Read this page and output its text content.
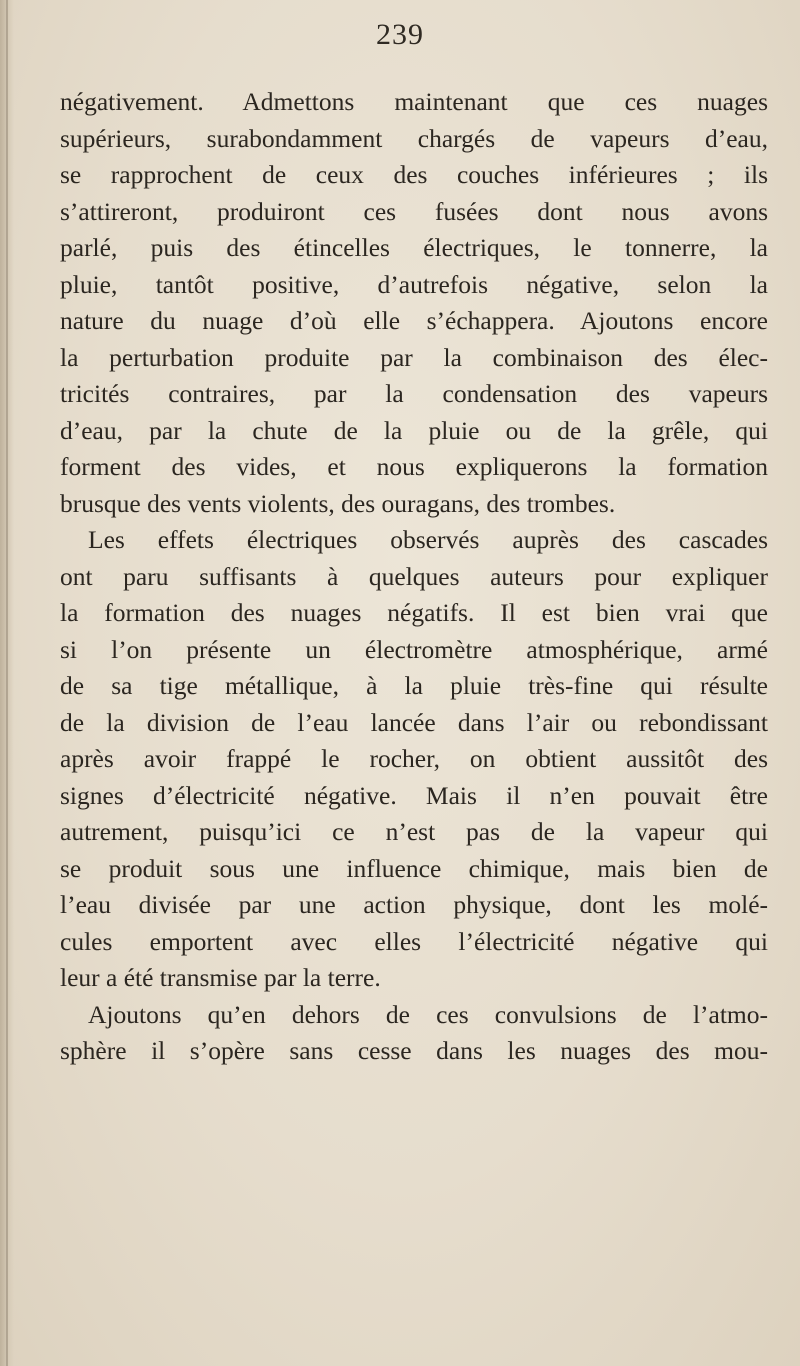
239
négativement. Admettons maintenant que ces nuages
supérieurs, surabondamment chargés de vapeurs d’eau,
se rapprochent de ceux des couches inférieures ; ils
s’attireront, produiront ces fusées dont nous avons
parlé, puis des étincelles électriques, le tonnerre, la
pluie, tantôt positive, d’autrefois négative, selon la
nature du nuage d’où elle s’échappera. Ajoutons encore
la perturbation produite par la combinaison des élec-
tricités contraires, par la condensation des vapeurs
d’eau, par la chute de la pluie ou de la grêle, qui
forment des vides, et nous expliquerons la formation
brusque des vents violents, des ouragans, des trombes.
Les effets électriques observés auprès des cascades
ont paru suffisants à quelques auteurs pour expliquer
la formation des nuages négatifs. Il est bien vrai que
si l’on présente un électromètre atmosphérique, armé
de sa tige métallique, à la pluie très-fine qui résulte
de la division de l’eau lancée dans l’air ou rebondissant
après avoir frappé le rocher, on obtient aussitôt des
signes d’électricité négative. Mais il n’en pouvait être
autrement, puisqu’ici ce n’est pas de la vapeur qui
se produit sous une influence chimique, mais bien de
l’eau divisée par une action physique, dont les molé-
cules emportent avec elles l’électricité négative qui
leur a été transmise par la terre.
Ajoutons qu’en dehors de ces convulsions de l’atmo-
sphère il s’opère sans cesse dans les nuages des mou-
